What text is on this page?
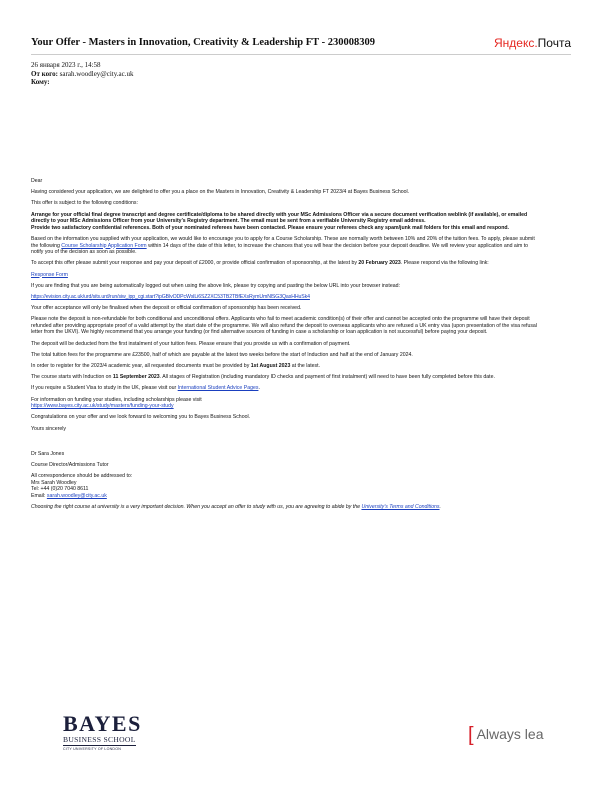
Your Offer - Masters in Innovation, Creativity & Leadership FT - 230008309	Яндекс.Почта
26 января 2023 г., 14:58
От кого: sarah.woodley@city.ac.uk
Кому:

Dear

Having considered your application, we are delighted to offer you a place on the Masters in Innovation, Creativity & Leadership FT 2023/4 at Bayes Business School.

This offer is subject to the following conditions:

Arrange for your official final degree transcript and degree certificate/diploma to be shared directly with your MSc Admissions Officer via a secure document verification weblink (if available), or emailed directly to your MSc Admissions Officer from your University's Registry department. The email must be sent from a verifiable University Registry email address.
Provide two satisfactory confidential references. Both of your nominated referees have been contacted. Please ensure your referees check any spam/junk mail folders for this email and respond.

Based on the information you supplied with your application, we would like to encourage you to apply for a Course Scholarship. These are normally worth between 10% and 20% of the tuition fees. To apply, please submit the following Course Scholarship Application Form within 14 days of the date of this letter, to increase the chances that you will hear the decision before your deposit deadline. We will review your application and aim to notify you of the decision as soon as possible.

To accept this offer please submit your response and pay your deposit of £2000, or provide official confirmation of sponsorship, at the latest by 20 February 2023. Please respond via the following link:

Response Form

If you are finding that you are being automatically logged out when using the above link, please try copying and pasting the below URL into your browser instead:

https://evision.city.ac.uk/urd/sits.urd/run/siw_ipp_cgi.start?ipGBlvODPcWslLi6SZ2XC53TB2TBfEXsRymUmNlSG3QasHHuSk4

Your offer acceptance will only be finalised when the deposit or official confirmation of sponsorship has been received.

Please note the deposit is non-refundable for both conditional and unconditional offers. Applicants who fail to meet academic condition(s) of their offer and cannot be accepted onto the programme will have their deposit refunded after providing appropriate proof of a valid attempt by the start date of the programme. We will also refund the deposit to overseas applicants who are refused a UK entry visa (upon presentation of the visa refusal letter from the UKVI). We highly recommend that you arrange your funding (or find alternative sources of funding in case a scholarship or loan application is not successful) before paying your deposit.

The deposit will be deducted from the first instalment of your tuition fees. Please ensure that you provide us with a confirmation of payment.

The total tuition fees for the programme are £23500, half of which are payable at the latest two weeks before the start of Induction and half at the end of January 2024.

In order to register for the 2023/4 academic year, all requested documents must be provided by 1st August 2023 at the latest.

The course starts with Induction on 11 September 2023. All stages of Registration (including mandatory ID checks and payment of first instalment) will need to have been fully completed before this date.

If you require a Student Visa to study in the UK, please visit our International Student Advice Pages.

For information on funding your studies, including scholarships please visit
https://www.bayes.city.ac.uk/study/masters/funding-your-study

Congratulations on your offer and we look forward to welcoming you to Bayes Business School.

Yours sincerely

Dr Sara Jones

Course Director/Admissions Tutor

All correspondence should be addressed to:
Mrs Sarah Woodley
Tel: +44 (0)20 7040 8611
Email: sarah.woodley@city.ac.uk

Choosing the right course at university is a very important decision. When you accept an offer to study with us, you are agreeing to abide by the University's Terms and Conditions.

BAYES
BUSINESS SCHOOL
CITY UNIVERSITY OF LONDON
[ Always lea
